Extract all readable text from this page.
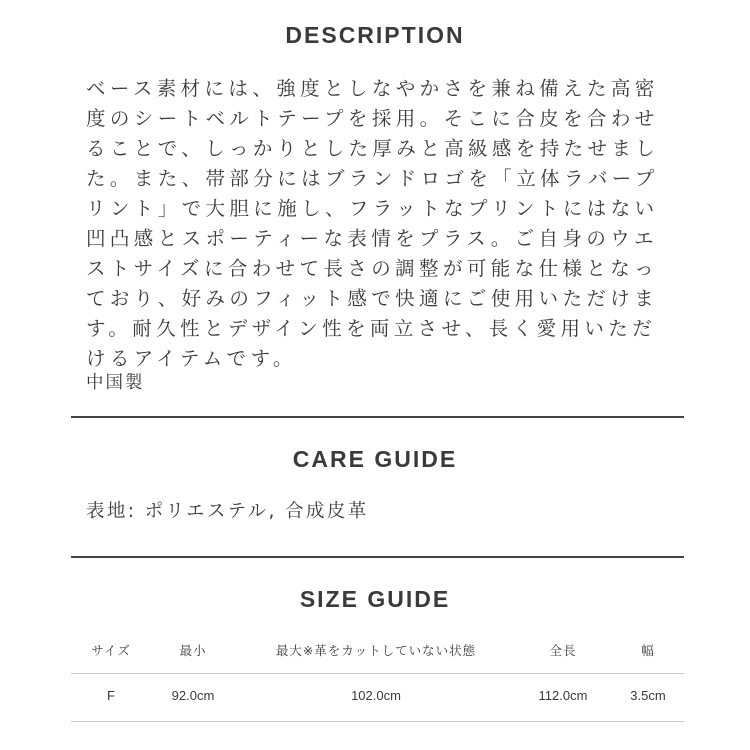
DESCRIPTION

ベース素材には、強度としなやかさを兼ね備えた高密度のシートベルトテープを採用。そこに合皮を合わせることで、しっかりとした厚みと高級感を持たせました。また、帯部分にはブランドロゴを「立体ラバープリント」で大胆に施し、フラットなプリントにはない凹凸感とスポーティーな表情をプラス。ご自身のウエストサイズに合わせて長さの調整が可能な仕様となっており、好みのフィット感で快適にご使用いただけます。耐久性とデザイン性を両立させ、長く愛用いただけるアイテムです。

中国製

CARE GUIDE

表地: ポリエステル, 合成皮革

SIZE GUIDE
サイズ	最小	最大※革をカットしていない状態	全長	幅
F	92.0cm	102.0cm	112.0cm	3.5cm
